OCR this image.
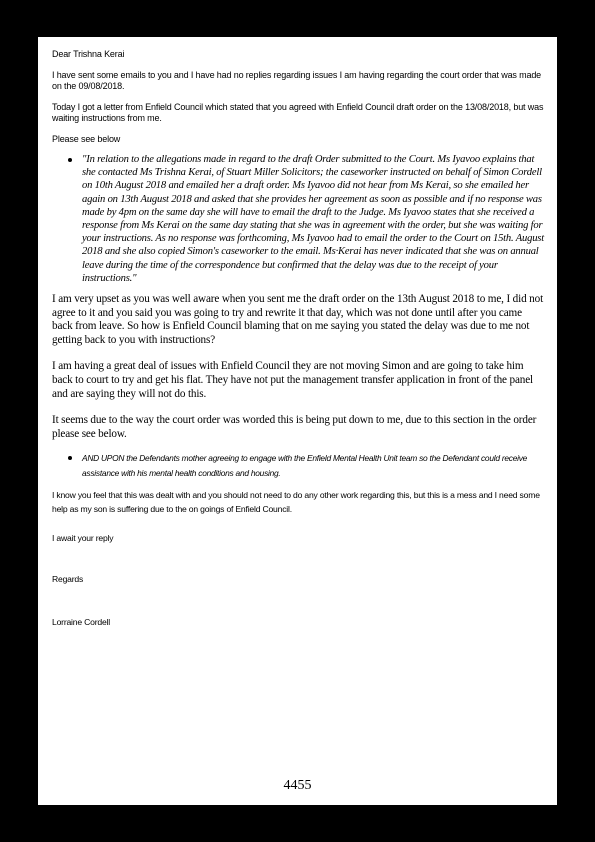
Dear Trishna Kerai

I have sent some emails to you and I have had no replies regarding issues I am having regarding the court order that was made on the 09/08/2018.

Today I got a letter from Enfield Council which stated that you agreed with Enfield Council draft order on the 13/08/2018, but was waiting instructions from me.

Please see below

"In relation to the allegations made in regard to the draft Order submitted to the Court. Ms Iyavoo explains that she contacted Ms Trishna Kerai, of Stuart Miller Solicitors; the caseworker instructed on behalf of Simon Cordell on 10th August 2018 and emailed her a draft order. Ms Iyavoo did not hear from Ms Kerai, so she emailed her again on 13th August 2018 and asked that she provides her agreement as soon as possible and if no response was made by 4pm on the same day she will have to email the draft to the Judge. Ms Iyavoo states that she received a response from Ms Kerai on the same day stating that she was in agreement with the order, but she was waiting for your instructions. As no response was forthcoming, Ms Iyavoo had to email the order to the Court on 15th. August 2018 and she also copied Simon's caseworker to the email. Ms·Kerai has never indicated that she was on annual leave during the time of the correspondence but confirmed that the delay was due to the receipt of your instructions."

I am very upset as you was well aware when you sent me the draft order on the 13th August 2018 to me, I did not agree to it and you said you was going to try and rewrite it that day, which was not done until after you came back from leave. So how is Enfield Council blaming that on me saying you stated the delay was due to me not getting back to you with instructions?

I am having a great deal of issues with Enfield Council they are not moving Simon and are going to take him back to court to try and get his flat. They have not put the management transfer application in front of the panel and are saying they will not do this.

It seems due to the way the court order was worded this is being put down to me, due to this section in the order please see below.

AND UPON the Defendants mother agreeing to engage with the Enfield Mental Health Unit team so the Defendant could receive assistance with his mental health conditions and housing.

I know you feel that this was dealt with and you should not need to do any other work regarding this, but this is a mess and I need some help as my son is suffering due to the on goings of Enfield Council.

I await your reply

Regards

Lorraine Cordell

4455
